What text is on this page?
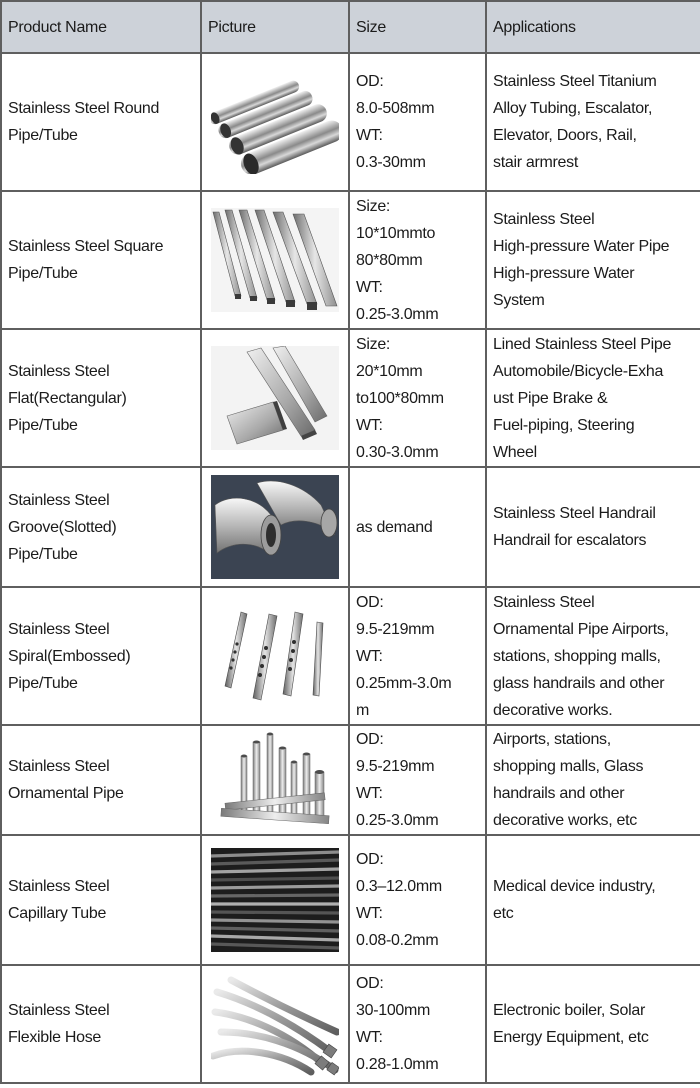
Product Name	Picture	Size	Applications

Stainless Steel Round
Pipe/Tube		OD:
8.0-508mm
WT:
0.3-30mm	Stainless Steel Titanium
Alloy Tubing, Escalator,
Elevator, Doors, Rail,
stair armrest

Stainless Steel Square
Pipe/Tube		Size:
10*10mmto
80*80mm
WT:
0.25-3.0mm	Stainless Steel
High-pressure Water Pipe
High-pressure Water
System

Stainless Steel
Flat(Rectangular)
Pipe/Tube		Size:
20*10mm
to100*80mm
WT:
0.30-3.0mm	Lined Stainless Steel Pipe
Automobile/Bicycle-Exha
ust Pipe Brake &
Fuel-piping, Steering
Wheel

Stainless Steel
Groove(Slotted)
Pipe/Tube		as demand	Stainless Steel Handrail
Handrail for escalators

Stainless Steel
Spiral(Embossed)
Pipe/Tube		OD:
9.5-219mm
WT:
0.25mm-3.0m
m	Stainless Steel
Ornamental Pipe Airports,
stations, shopping malls,
glass handrails and other
decorative works.

Stainless Steel
Ornamental Pipe		OD:
9.5-219mm
WT:
0.25-3.0mm	Airports, stations,
shopping malls, Glass
handrails and other
decorative works, etc

Stainless Steel
Capillary Tube		OD:
0.3–12.0mm
WT:
0.08-0.2mm	Medical device industry,
etc

Stainless Steel
Flexible Hose		OD:
30-100mm
WT:
0.28-1.0mm	Electronic boiler, Solar
Energy Equipment, etc
